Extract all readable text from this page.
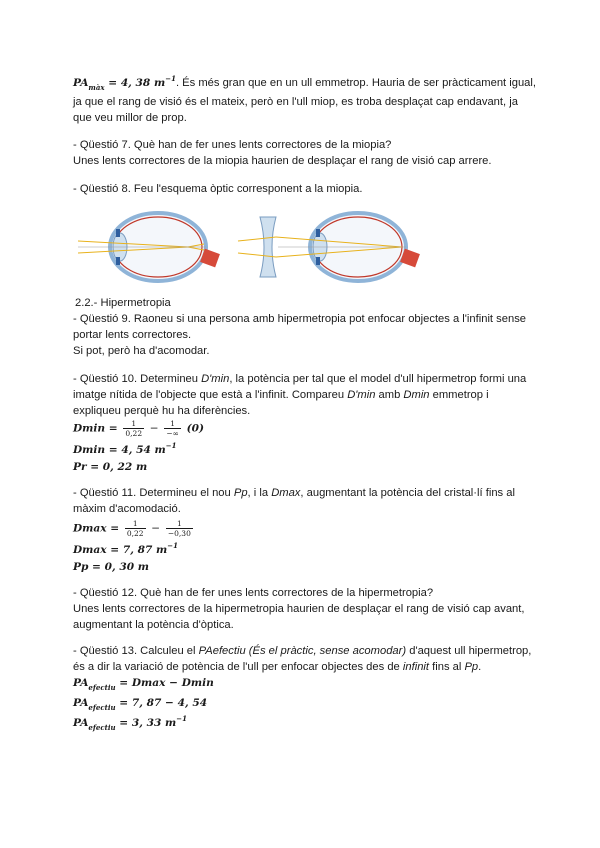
$PA_{màx} = 4$, 38 $m^{-1}$. És més gran que en un ull emmetrop. Hauria de ser pràcticament igual,
ja que el rang de visió és el mateix, però en l'ull miop, es troba desplaçat cap endavant, ja
que veu millor de prop.
- Qüestió 7. Què han de fer unes lents correctores de la miopia?
Unes lents correctores de la miopia haurien de desplaçar el rang de visió cap arrere.
- Qüestió 8. Feu l'esquema òptic corresponent a la miopia.
2.2.- Hipermetropia
- Qüestió 9. Raoneu si una persona amb hipermetropia pot enfocar objectes a l'infinit sense
portar lents correctores.
Si pot, però ha d'acomodar.
- Qüestió 10. Determineu D'min, la potència per tal que el model d'ull hipermetrop formi una
imatge nítida de l'objecte que està a l'infinit. Compareu D'min amb Dmin emmetrop i
expliqueu perquè hu ha diferències.
$Dmin = \frac{1}{0,22} - \frac{1}{-\infty} (0)$
Dmin = 4, 54 $m^{-1}$
Pr = 0, 22 m
- Qüestió 11. Determineu el nou Pp, i la Dmax, augmentant la potència del cristal·lí fins al
màxim d'acomodació.
$Dmax = \frac{1}{0,22} - \frac{1}{-0,30}$
Dmax = 7, 87 $m^{-1}$
Pp = 0, 30 m
- Qüestió 12. Què han de fer unes lents correctores de la hipermetropia?
Unes lents correctores de la hipermetropia haurien de desplaçar el rang de visió cap avant,
augmentant la potència d'òptica.
- Qüestió 13. Calculeu el PAefectiu (És el pràctic, sense acomodar) d'aquest ull hipermetrop,
és a dir la variació de potència de l'ull per enfocar objectes des de infinit fins al Pp.
$PA_{efectiu} = Dmax - Dmin$
$PA_{efectiu} = 7$, 87 − 4, 54
$PA_{efectiu} = 3$, 33 $m^{-1}$
